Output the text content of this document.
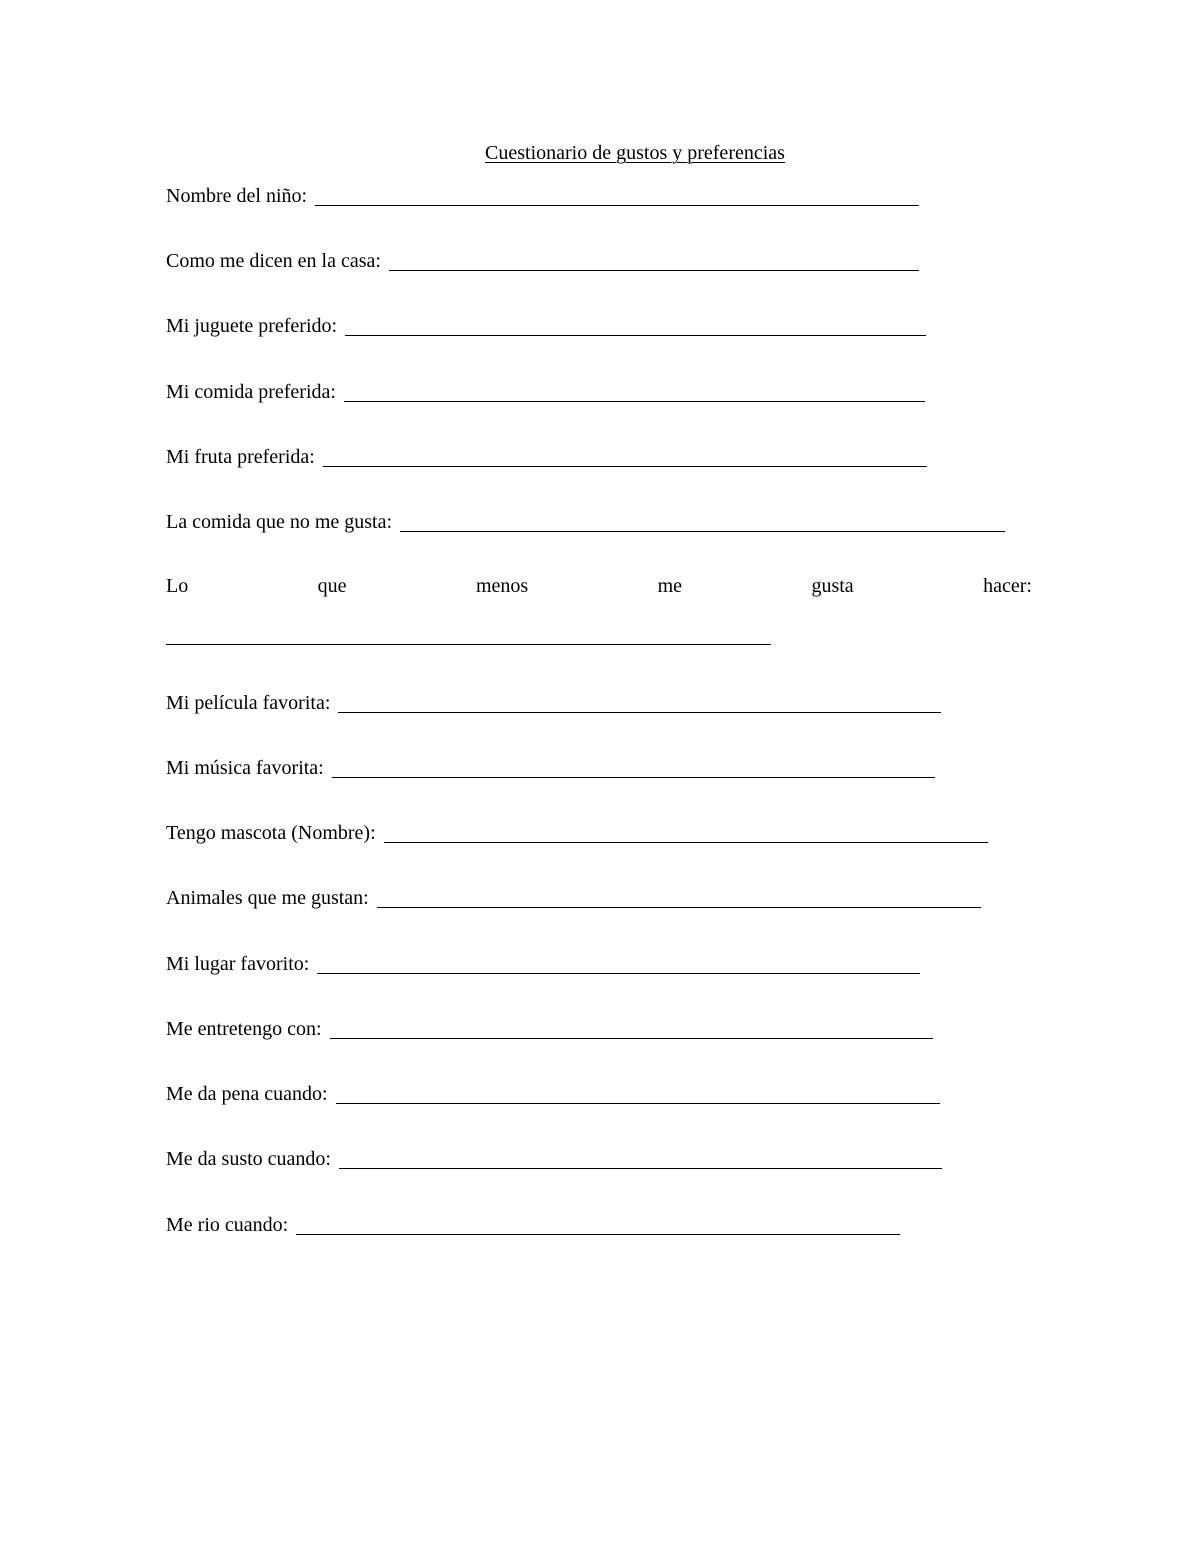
Cuestionario de gustos y preferencias
Nombre del niño:
Como me dicen en la casa:
Mi juguete preferido:
Mi comida preferida:
Mi fruta preferida:
La comida que no me gusta:
Lo	que	menos	me	gusta	hacer:
Mi película favorita:
Mi música favorita:
Tengo mascota (Nombre):
Animales que me gustan:
Mi lugar favorito:
Me entretengo con:
Me da pena cuando:
Me da susto cuando:
Me rio cuando:
